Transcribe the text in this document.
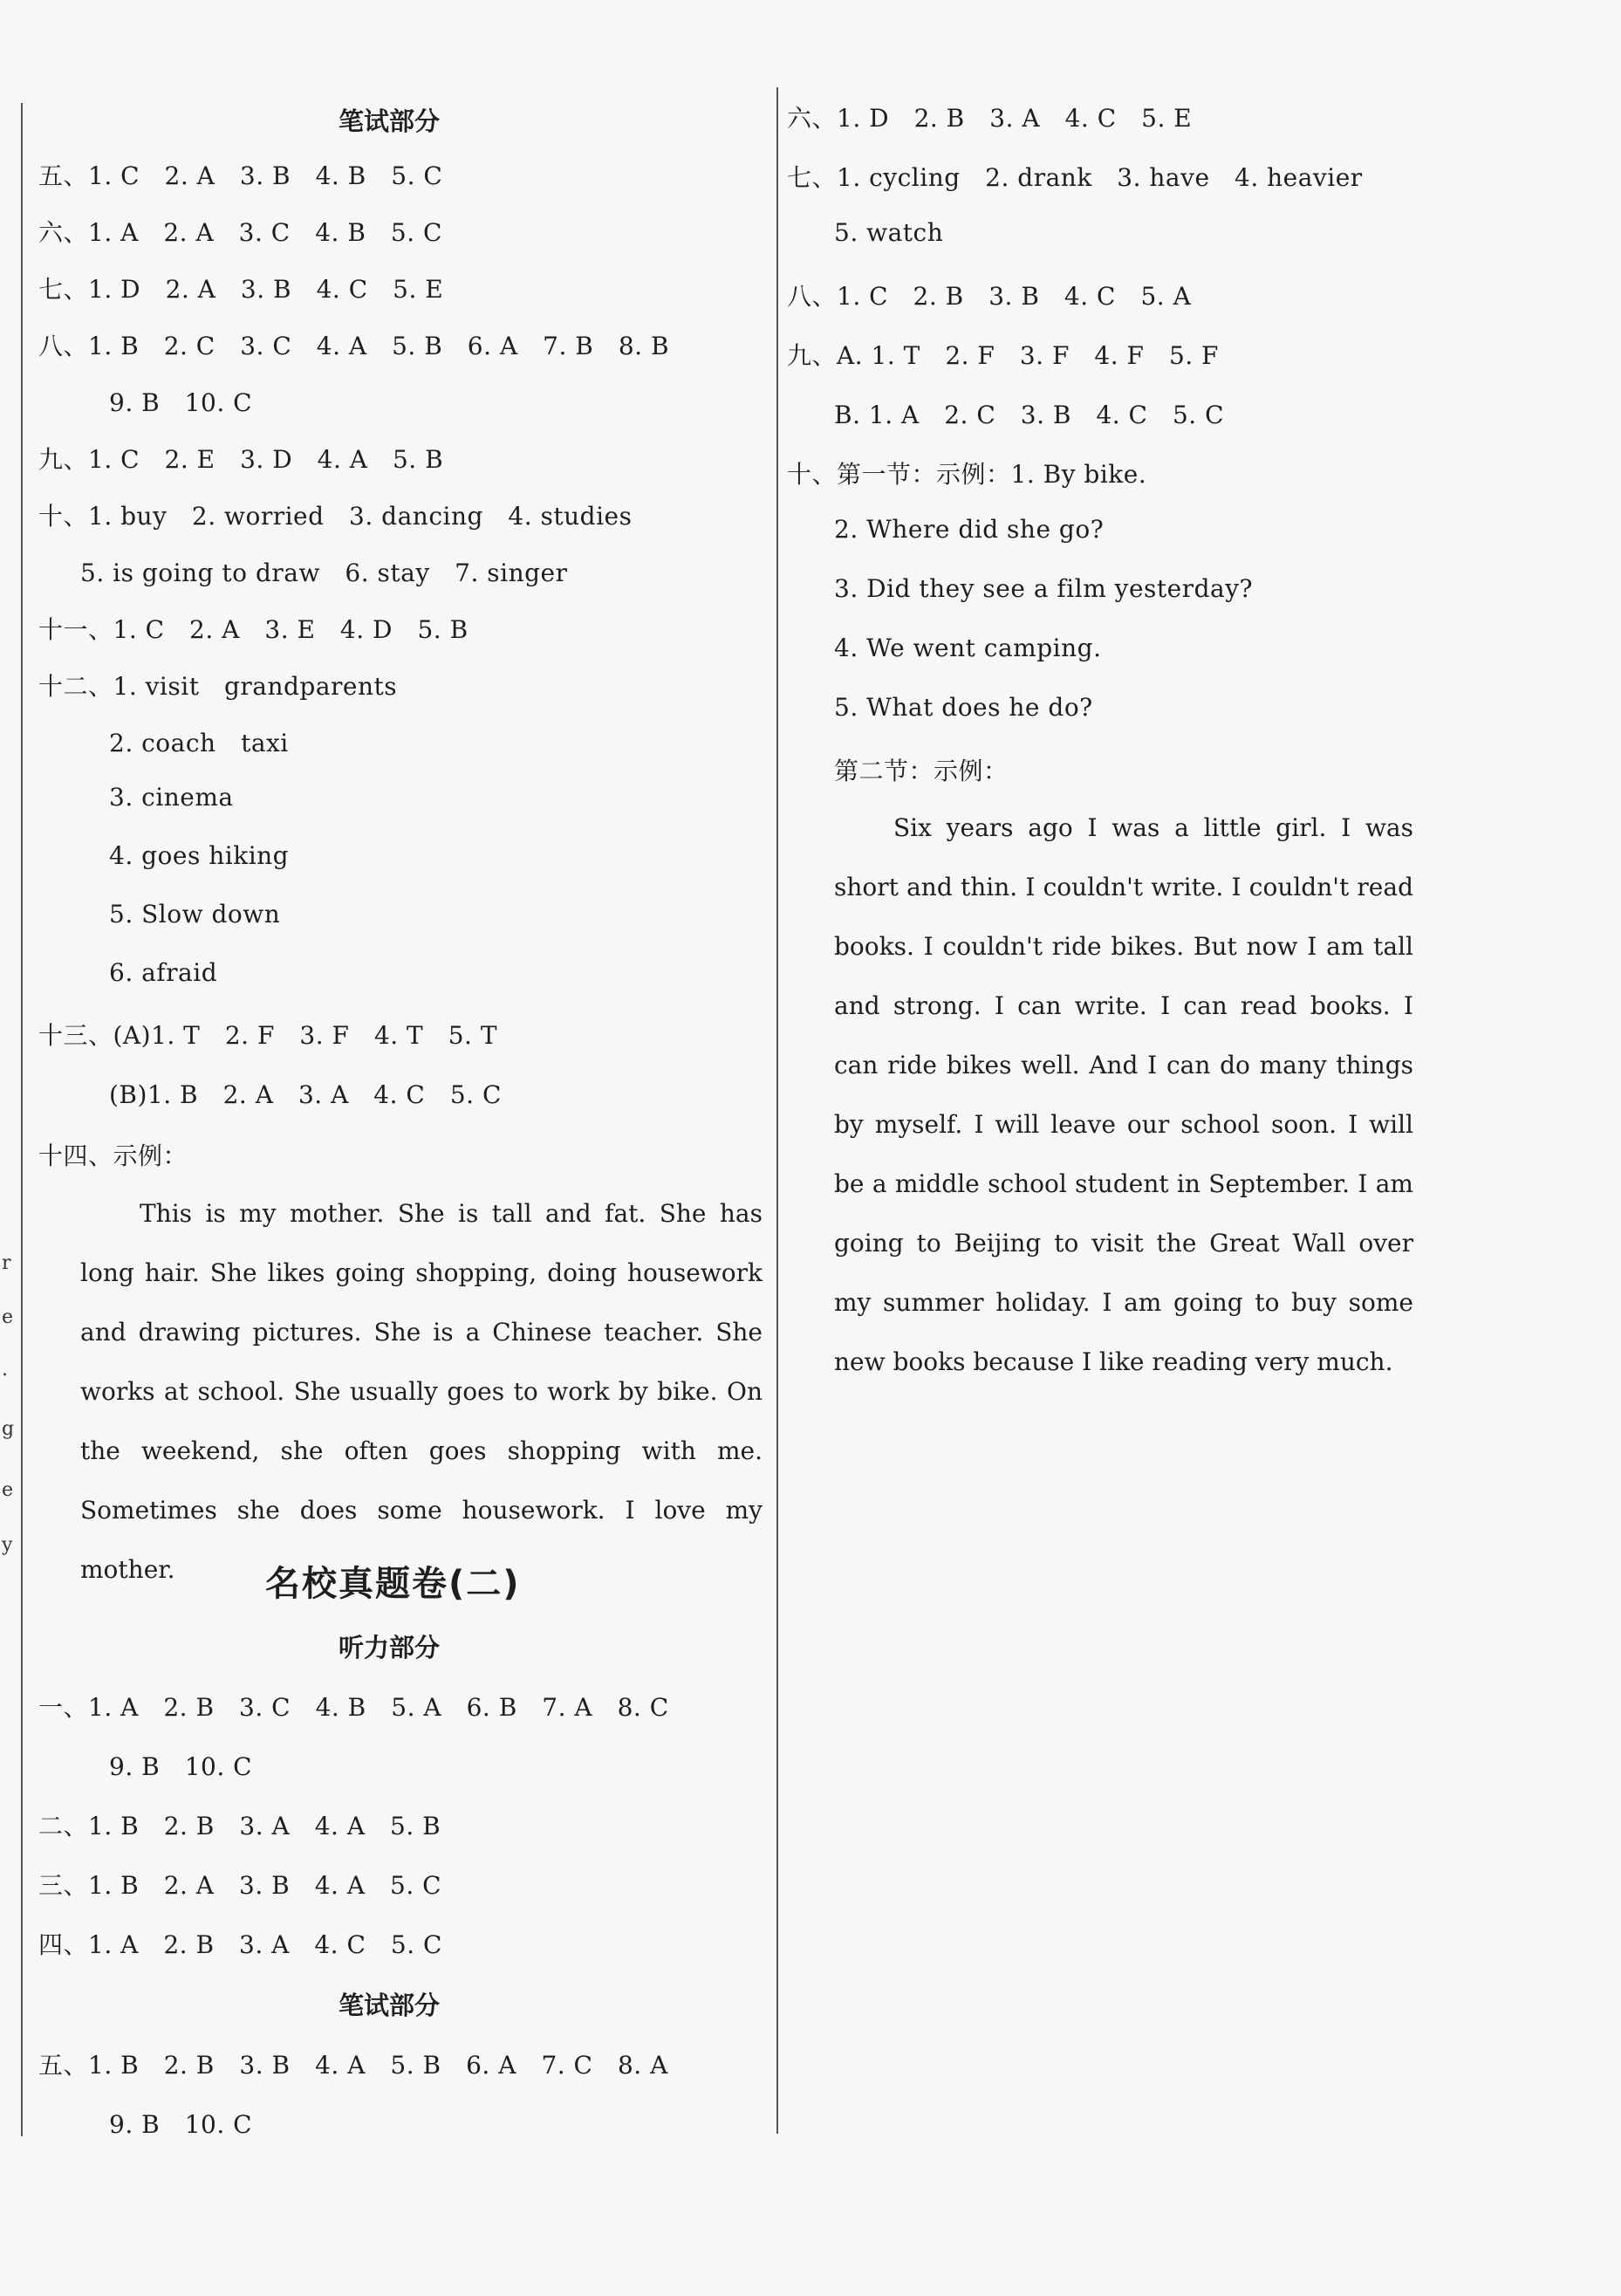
r
e
.
g
e
y
笔试部分
五、1. C　2. A　3. B　4. B　5. C
六、1. A　2. A　3. C　4. B　5. C
七、1. D　2. A　3. B　4. C　5. E
八、1. B　2. C　3. C　4. A　5. B　6. A　7. B　8. B
9. B　10. C
九、1. C　2. E　3. D　4. A　5. B
十、1. buy　2. worried　3. dancing　4. studies
5. is going to draw　6. stay　7. singer
十一、1. C　2. A　3. E　4. D　5. B
十二、1. visit　grandparents
2. coach　taxi
3. cinema
4. goes hiking
5. Slow down
6. afraid
十三、(A)1. T　2. F　3. F　4. T　5. T
(B)1. B　2. A　3. A　4. C　5. C
十四、示例：

This is my mother. She is tall and fat. She has long hair. She likes going shopping, doing housework and drawing pictures. She is a Chinese teacher. She works at school. She usually goes to work by bike. On the weekend, she often goes shopping with me. Sometimes she does some housework. I love my mother.	名校真题卷(二)
听力部分
一、1. A　2. B　3. C　4. B　5. A　6. B　7. A　8. C
9. B　10. C
二、1. B　2. B　3. A　4. A　5. B
三、1. B　2. A　3. B　4. A　5. C
四、1. A　2. B　3. A　4. C　5. C
笔试部分
五、1. B　2. B　3. B　4. A　5. B　6. A　7. C　8. A
9. B　10. C
六、1. D　2. B　3. A　4. C　5. E
七、1. cycling　2. drank　3. have　4. heavier
5. watch
八、1. C　2. B　3. B　4. C　5. A
九、A. 1. T　2. F　3. F　4. F　5. F
B. 1. A　2. C　3. B　4. C　5. C
十、第一节：示例：1. By bike.
2. Where did she go?
3. Did they see a film yesterday?
4. We went camping.
5. What does he do?
第二节：示例：

Six years ago I was a little girl. I was short and thin. I couldn't write. I couldn't read books. I couldn't ride bikes. But now I am tall and strong. I can write. I can read books. I can ride bikes well. And I can do many things by myself. I will leave our school soon. I will be a middle school student in September. I am going to Beijing to visit the Great Wall over my summer holiday. I am going to buy some new books because I like reading very much.
